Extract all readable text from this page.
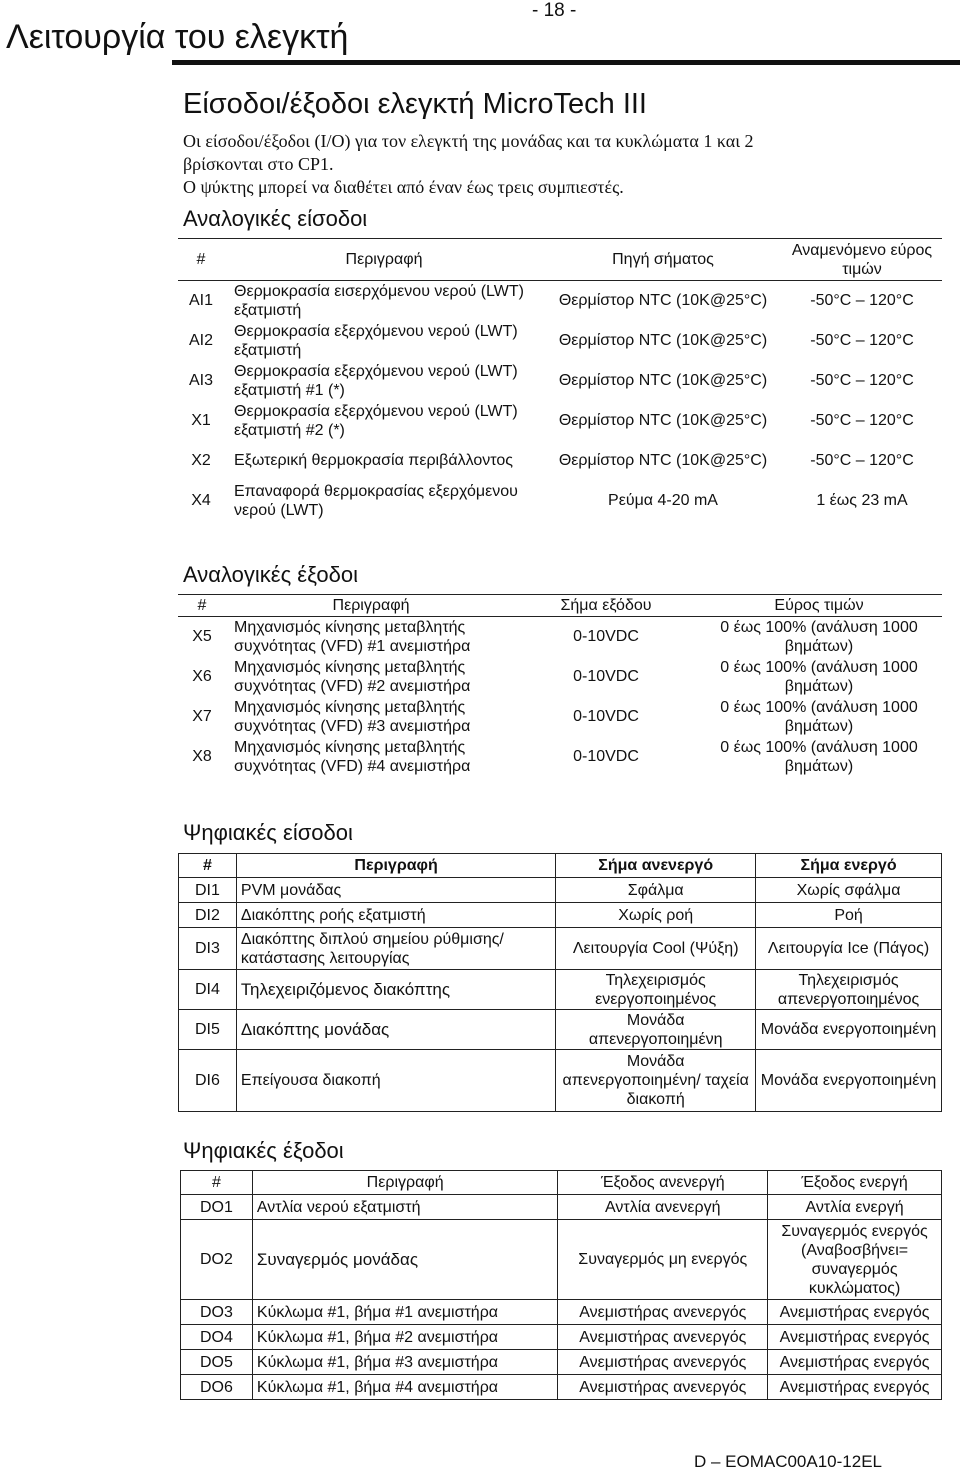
- 18 -
Λειτουργία του ελεγκτή
Είσοδοι/έξοδοι ελεγκτή MicroTech III
Οι είσοδοι/έξοδοι (I/O) για τον ελεγκτή της μονάδας και τα κυκλώματα 1 και 2
βρίσκονται στο CP1.
Ο ψύκτης μπορεί να διαθέτει από έναν έως τρεις συμπιεστές.
Αναλογικές είσοδοι
#	Περιγραφή	Πηγή σήματος	Αναμενόμενο εύρος τιμών
AI1	Θερμοκρασία εισερχόμενου νερού (LWT) εξατμιστή	Θερμίστορ NTC (10K@25°C)	-50°C – 120°C
AI2	Θερμοκρασία εξερχόμενου νερού (LWT) εξατμιστή	Θερμίστορ NTC (10K@25°C)	-50°C – 120°C
AI3	Θερμοκρασία εξερχόμενου νερού (LWT) εξατμιστή #1 (*)	Θερμίστορ NTC (10K@25°C)	-50°C – 120°C
X1	Θερμοκρασία εξερχόμενου νερού (LWT) εξατμιστή #2 (*)	Θερμίστορ NTC (10K@25°C)	-50°C – 120°C
X2	Εξωτερική θερμοκρασία περιβάλλοντος	Θερμίστορ NTC (10K@25°C)	-50°C – 120°C
X4	Επαναφορά θερμοκρασίας εξερχόμενου νερού (LWT)	Ρεύμα 4-20 mA	1 έως 23 mA
Αναλογικές έξοδοι
#	Περιγραφή	Σήμα εξόδου	Εύρος τιμών
X5	Μηχανισμός κίνησης μεταβλητής συχνότητας (VFD) #1 ανεμιστήρα	0-10VDC	0 έως 100% (ανάλυση 1000 βημάτων)
X6	Μηχανισμός κίνησης μεταβλητής συχνότητας (VFD) #2 ανεμιστήρα	0-10VDC	0 έως 100% (ανάλυση 1000 βημάτων)
X7	Μηχανισμός κίνησης μεταβλητής συχνότητας (VFD) #3 ανεμιστήρα	0-10VDC	0 έως 100% (ανάλυση 1000 βημάτων)
X8	Μηχανισμός κίνησης μεταβλητής συχνότητας (VFD) #4 ανεμιστήρα	0-10VDC	0 έως 100% (ανάλυση 1000 βημάτων)
Ψηφιακές είσοδοι
#	Περιγραφή	Σήμα ανενεργό	Σήμα ενεργό
DI1	PVM μονάδας	Σφάλμα	Χωρίς σφάλμα
DI2	Διακόπτης ροής εξατμιστή	Χωρίς ροή	Ροή
DI3	Διακόπτης διπλού σημείου ρύθμισης/ κατάστασης λειτουργίας	Λειτουργία Cool (Ψύξη)	Λειτουργία Ice (Πάγος)
DI4	Τηλεχειριζόμενος διακόπτης	Τηλεχειρισμός ενεργοποιημένος	Τηλεχειρισμός απενεργοποιημένος
DI5	Διακόπτης μονάδας	Μονάδα απενεργοποιημένη	Μονάδα ενεργοποιημένη
DI6	Επείγουσα διακοπή	Μονάδα απενεργοποιημένη/ ταχεία διακοπή	Μονάδα ενεργοποιημένη
Ψηφιακές έξοδοι
#	Περιγραφή	Έξοδος ανενεργή	Έξοδος ενεργή
DO1	Αντλία νερού εξατμιστή	Αντλία ανενεργή	Αντλία ενεργή
DO2	Συναγερμός μονάδας	Συναγερμός μη ενεργός	Συναγερμός ενεργός (Αναβοσβήνει= συναγερμός κυκλώματος)
DO3	Κύκλωμα #1, βήμα #1 ανεμιστήρα	Ανεμιστήρας ανενεργός	Ανεμιστήρας ενεργός
DO4	Κύκλωμα #1, βήμα #2 ανεμιστήρα	Ανεμιστήρας ανενεργός	Ανεμιστήρας ενεργός
DO5	Κύκλωμα #1, βήμα #3 ανεμιστήρα	Ανεμιστήρας ανενεργός	Ανεμιστήρας ενεργός
DO6	Κύκλωμα #1, βήμα #4 ανεμιστήρα	Ανεμιστήρας ανενεργός	Ανεμιστήρας ενεργός
D – EOMAC00A10-12EL
